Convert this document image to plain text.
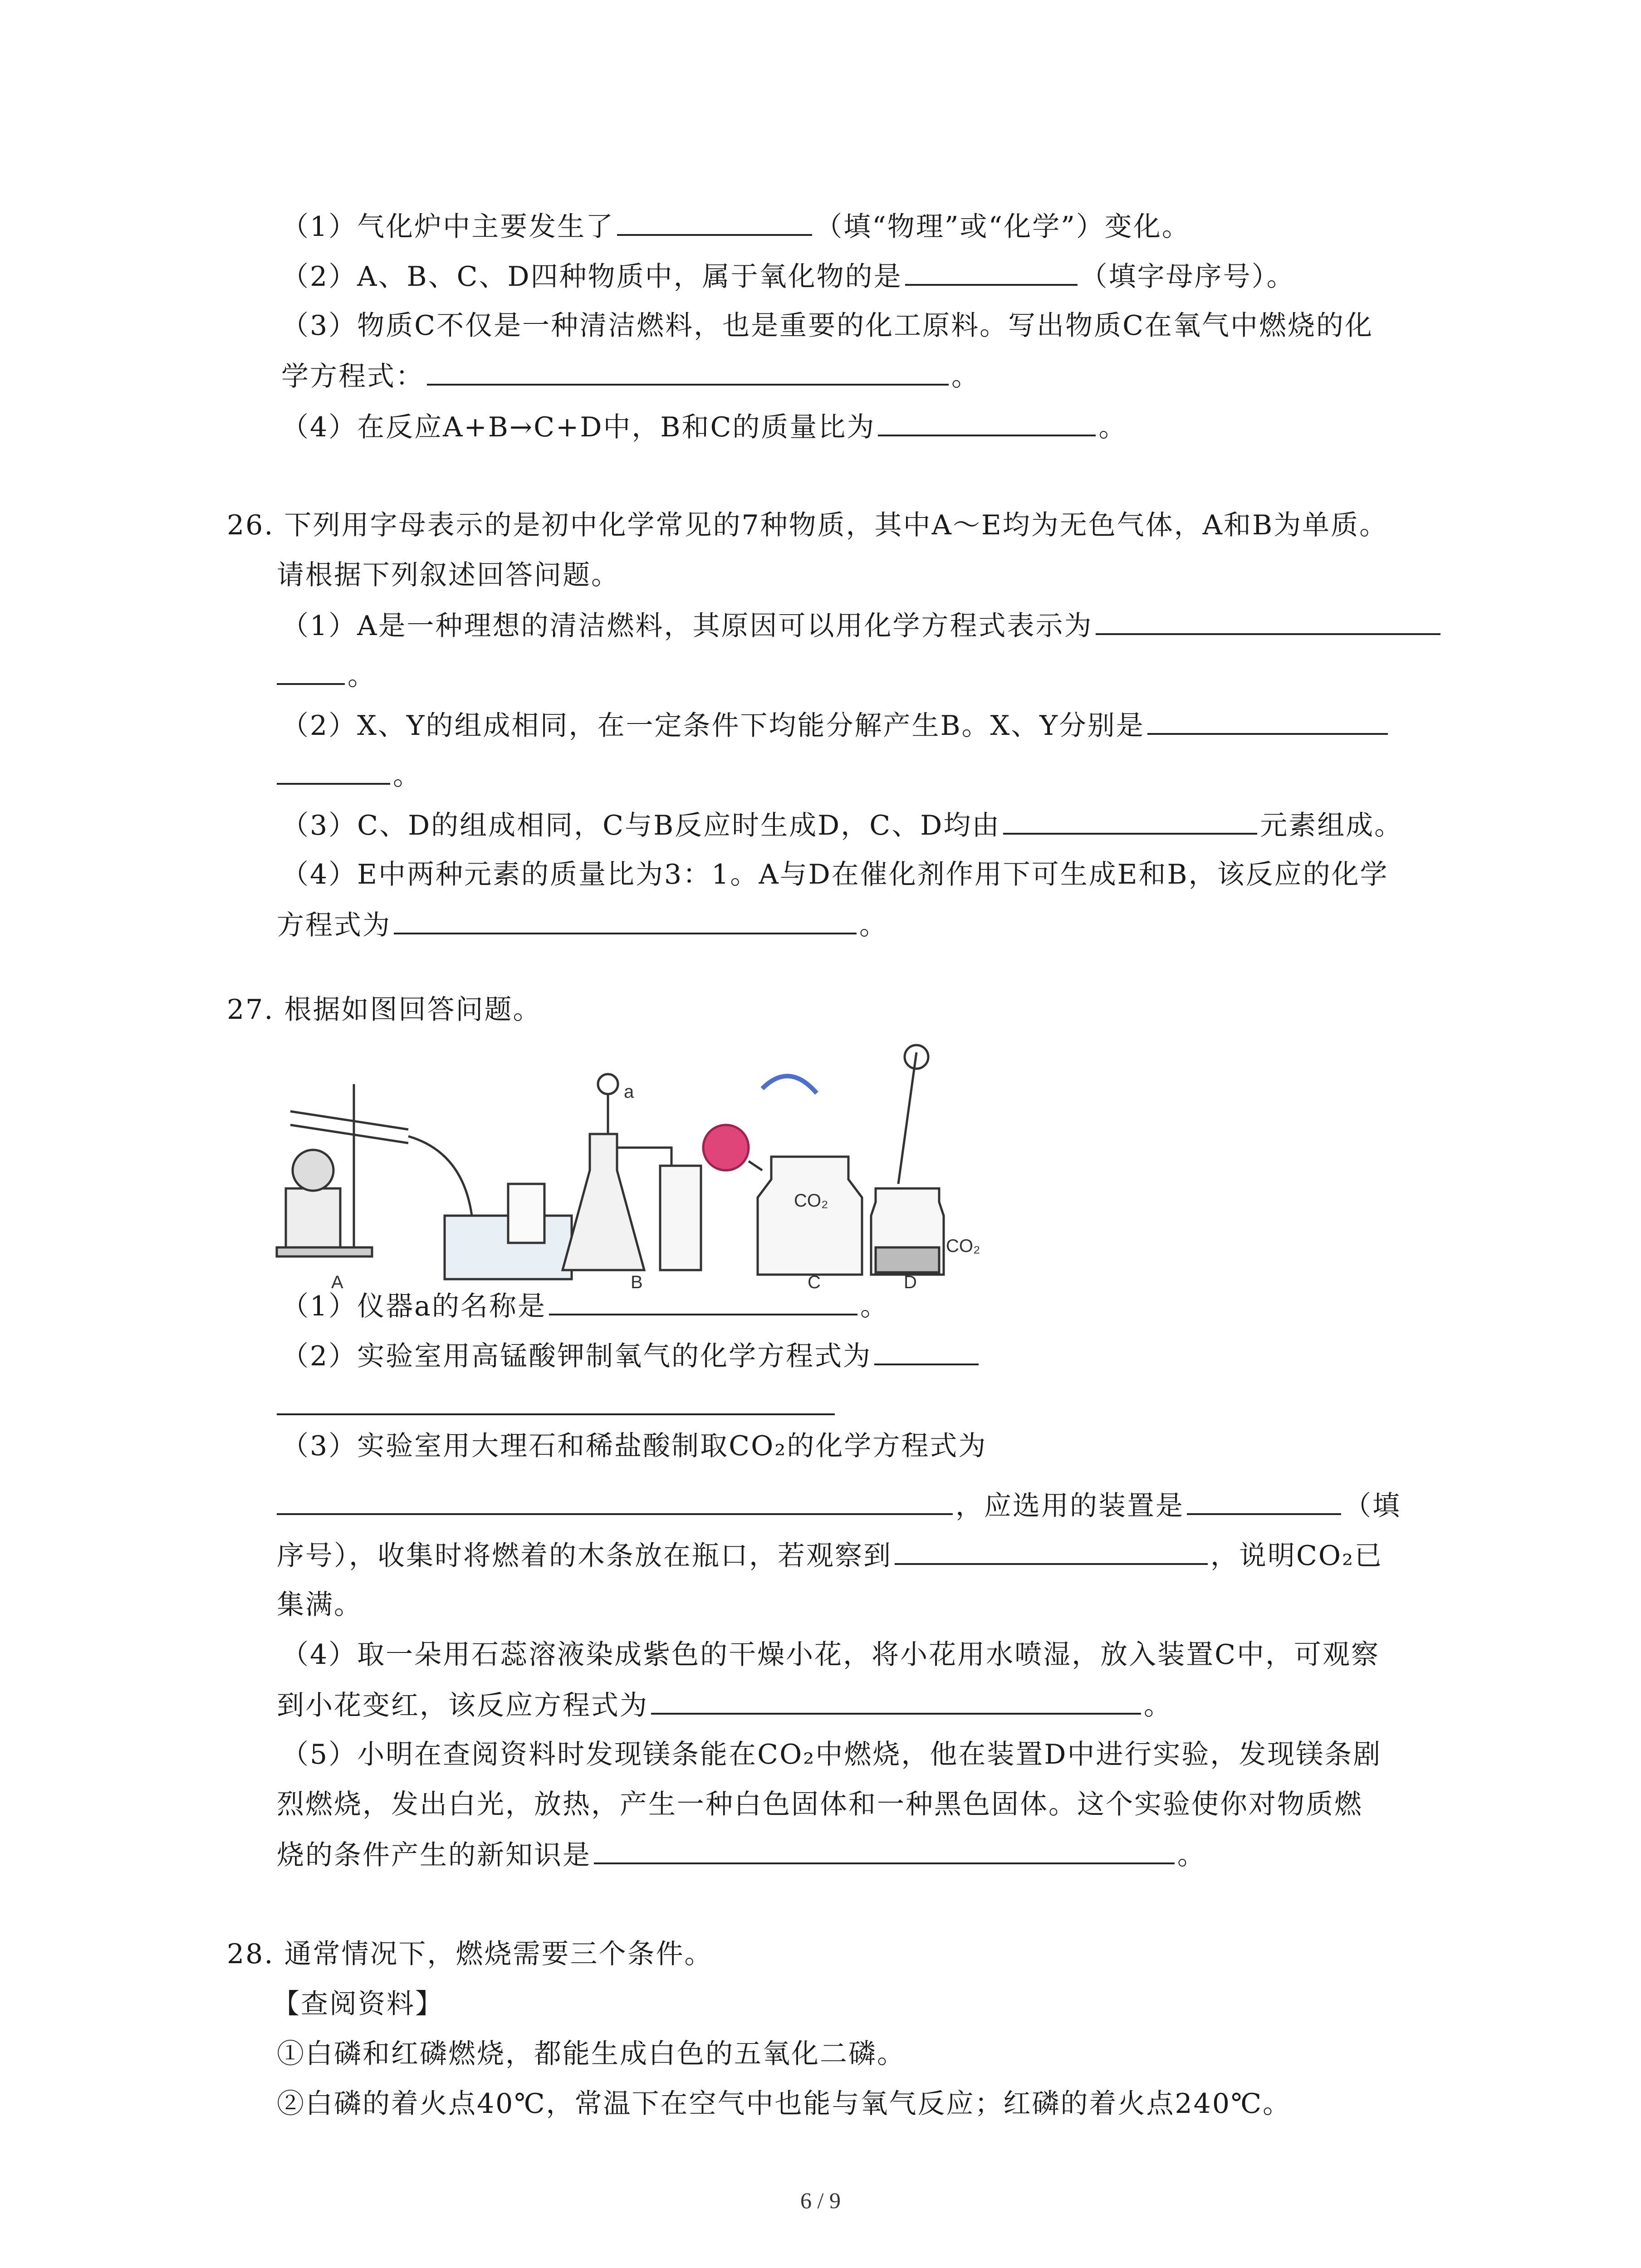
（1）气化炉中主要发生了	（填“物理”或“化学”）变化。
（2）A、B、C、D四种物质中，属于氧化物的是	（填字母序号）。
（3）物质C不仅是一种清洁燃料，也是重要的化工原料。写出物质C在氧气中燃烧的化
学方程式：	。
（4）在反应A+B→C+D中，B和C的质量比为	。
26. 下列用字母表示的是初中化学常见的7种物质，其中A～E均为无色气体，A和B为单质。
请根据下列叙述回答问题。
（1）A是一种理想的清洁燃料，其原因可以用化学方程式表示为
。
（2）X、Y的组成相同，在一定条件下均能分解产生B。X、Y分别是
。
（3）C、D的组成相同，C与B反应时生成D，C、D均由	元素组成。
（4）E中两种元素的质量比为3：1。A与D在催化剂作用下可生成E和B，该反应的化学
方程式为	。
27. 根据如图回答问题。
A	B	C	D
a
CO₂
CO₂
（1）仪器a的名称是	。
（2）实验室用高锰酸钾制氧气的化学方程式为
（3）实验室用大理石和稀盐酸制取CO₂的化学方程式为
，应选用的装置是	（填
序号），收集时将燃着的木条放在瓶口，若观察到	，说明CO₂已
集满。
（4）取一朵用石蕊溶液染成紫色的干燥小花，将小花用水喷湿，放入装置C中，可观察
到小花变红，该反应方程式为	。
（5）小明在查阅资料时发现镁条能在CO₂中燃烧，他在装置D中进行实验，发现镁条剧
烈燃烧，发出白光，放热，产生一种白色固体和一种黑色固体。这个实验使你对物质燃
烧的条件产生的新知识是	。
28. 通常情况下，燃烧需要三个条件。
【查阅资料】
①白磷和红磷燃烧，都能生成白色的五氧化二磷。
②白磷的着火点40℃，常温下在空气中也能与氧气反应；红磷的着火点240℃。
6 / 9
